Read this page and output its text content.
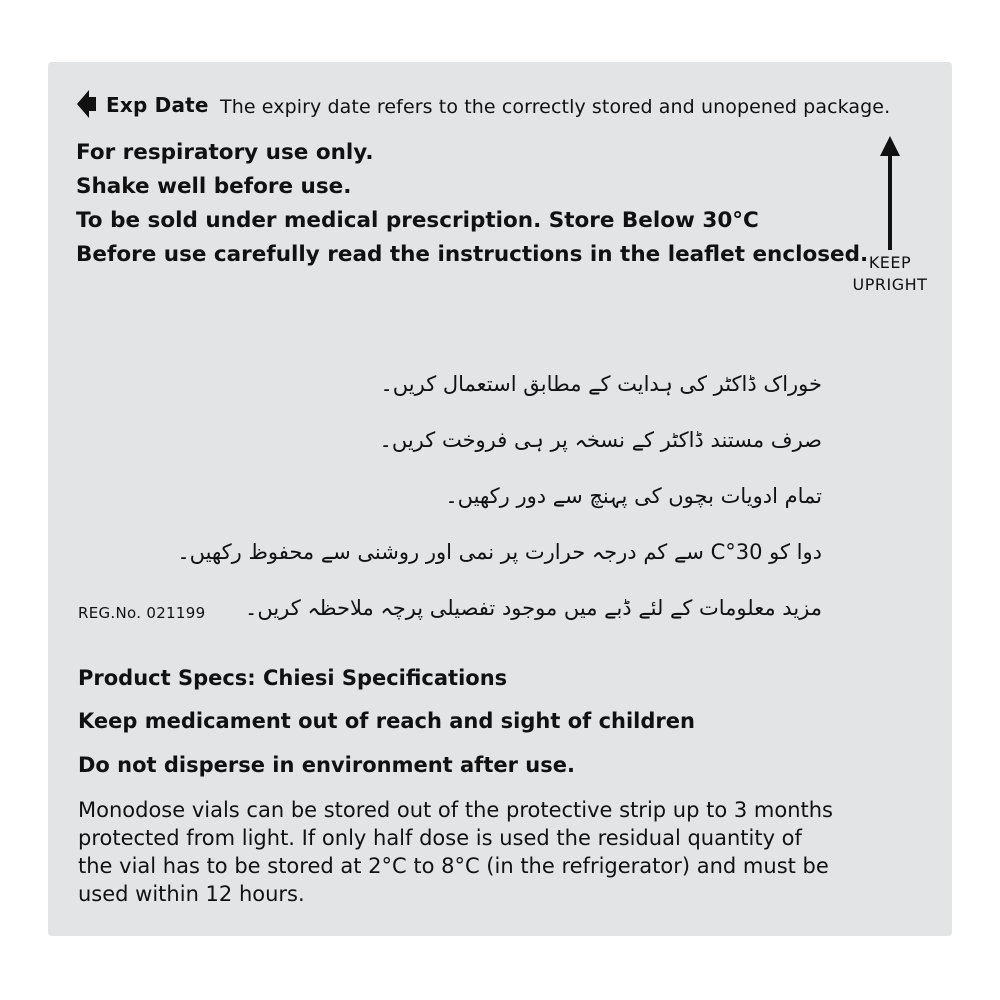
Exp Date The expiry date refers to the correctly stored and unopened package.
For respiratory use only.
Shake well before use.
To be sold under medical prescription. Store Below 30°C
Before use carefully read the instructions in the leaflet enclosed. KEEP
UPRIGHT
خوراک ڈاکٹر کی ہدایت کے مطابق استعمال کریں۔
صرف مستند ڈاکٹر کے نسخہ پر ہی فروخت کریں۔
تمام ادویات بچوں کی پہنچ سے دور رکھیں۔
دوا کو 30°C سے کم درجہ حرارت پر نمی اور روشنی سے محفوظ رکھیں۔
مزید معلومات کے لئے ڈبے میں موجود تفصیلی پرچہ ملاحظہ کریں۔
REG.No. 021199
Product Specs: Chiesi Specifications
Keep medicament out of reach and sight of children
Do not disperse in environment after use.
Monodose vials can be stored out of the protective strip up to 3 months
protected from light. If only half dose is used the residual quantity of
the vial has to be stored at 2°C to 8°C (in the refrigerator) and must be
used within 12 hours.
